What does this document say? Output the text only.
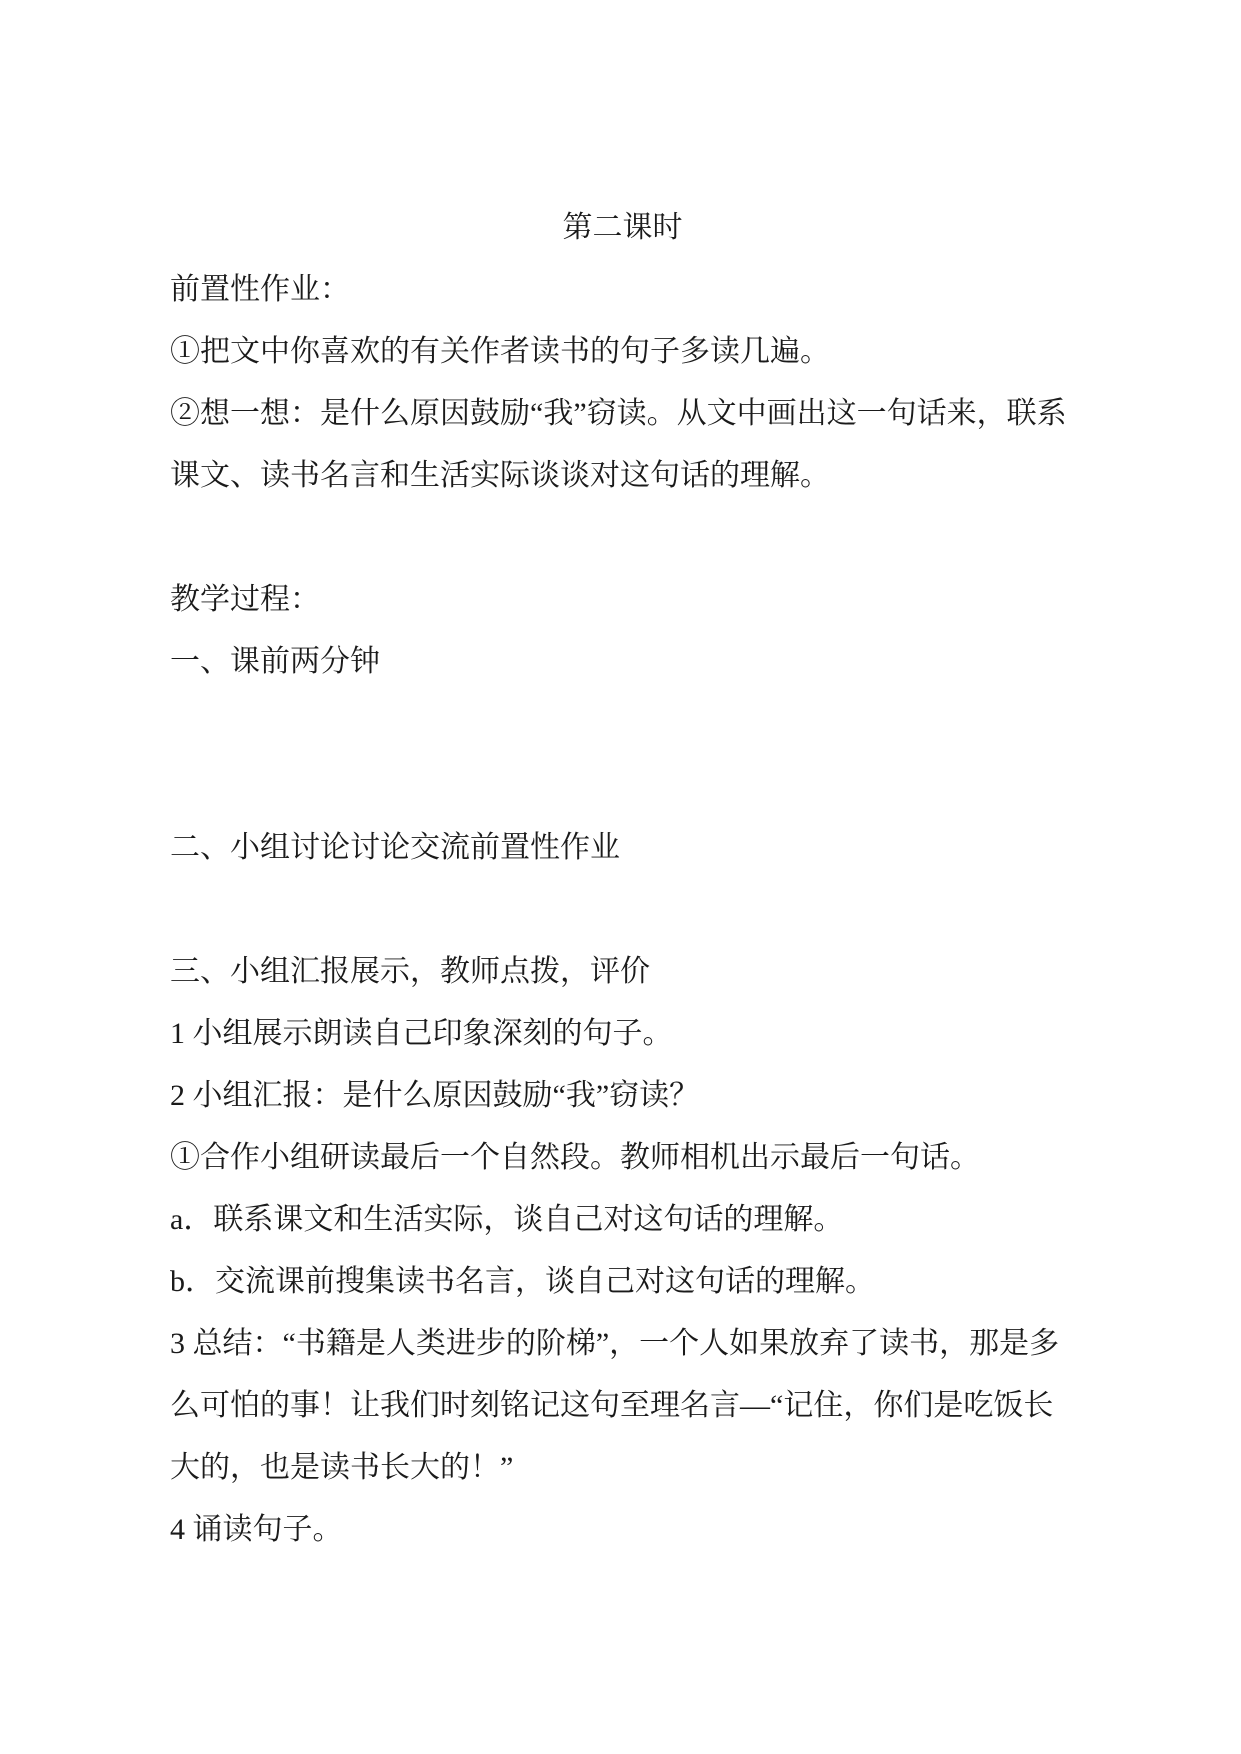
第二课时
前置性作业：
①把文中你喜欢的有关作者读书的句子多读几遍。
②想一想：是什么原因鼓励“我”窃读。从文中画出这一句话来，联系
课文、读书名言和生活实际谈谈对这句话的理解。
教学过程：
一、课前两分钟
二、小组讨论讨论交流前置性作业
三、小组汇报展示，教师点拨，评价
1 小组展示朗读自己印象深刻的句子。
2 小组汇报：是什么原因鼓励“我”窃读？
①合作小组研读最后一个自然段。教师相机出示最后一句话。
a．联系课文和生活实际，谈自己对这句话的理解。
b．交流课前搜集读书名言，谈自己对这句话的理解。
3 总结：“书籍是人类进步的阶梯”，一个人如果放弃了读书，那是多
么可怕的事！让我们时刻铭记这句至理名言—“记住，你们是吃饭长
大的，也是读书长大的！”
4 诵读句子。
